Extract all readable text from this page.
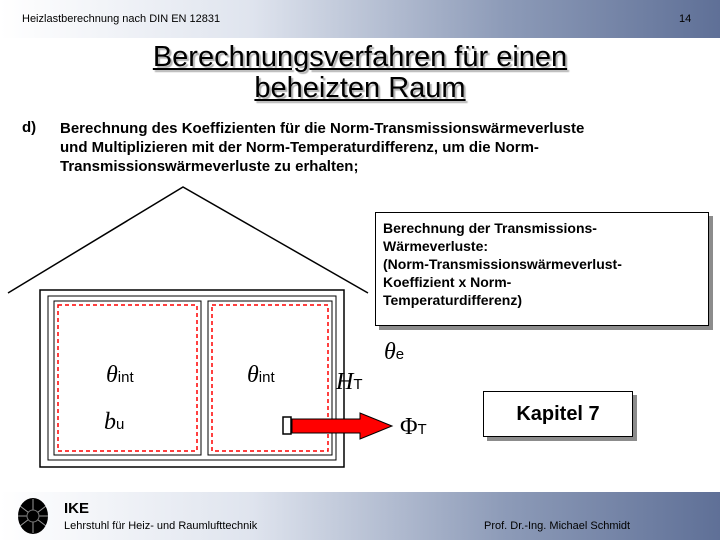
Heizlastberechnung nach DIN EN 12831	14
Berechnungsverfahren für einen
beheizten Raum
d) Berechnung des Koeffizienten für die Norm-Transmissionswärmeverluste
und Multiplizieren mit der Norm-Temperaturdifferenz, um die Norm-
Transmissionswärmeverluste zu erhalten;
Berechnung der Transmissions-
Wärmeverluste:
(Norm-Transmissionswärmeverlust-
Koeffizient x Norm-
Temperaturdifferenz)
θint	θint
θe
bu
HT
ΦT
Kapitel 7
IKE
Lehrstuhl für Heiz- und Raumlufttechnik	Prof. Dr.-Ing. Michael Schmidt
